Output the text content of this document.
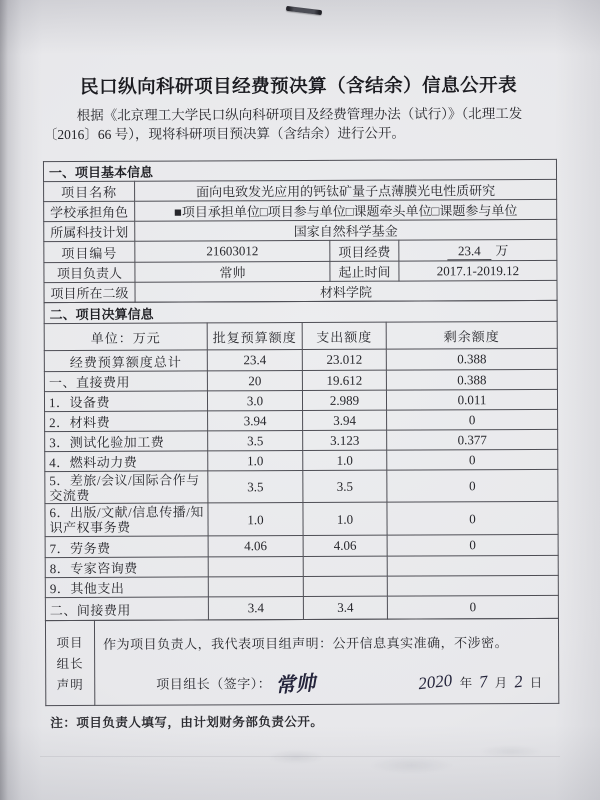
民口纵向科研项目经费预决算（含结余）信息公开表
根据《北京理工大学民口纵向科研项目及经费管理办法（试行）》（北理工发
〔2016〕66 号），现将科研项目预决算（含结余）进行公开。
一、项目基本信息			
项目名称	面向电致发光应用的钙钛矿量子点薄膜光电性质研究		
学校承担角色	■项目承担单位□项目参与单位□课题牵头单位□课题参与单位		
所属科技计划	国家自然科学基金		
项目编号	21603012	项目经费	23.4 万
项目负责人	常帅	起止时间	2017.1-2019.12
项目所在二级	材料学院		
二、项目决算信息			
单位：万元	批复预算额度	支出额度	剩余额度
经费预算额度总计	23.4	23.012	0.388
一、直接费用	20	19.612	0.388
1．设备费	3.0	2.989	0.011
2．材料费	3.94	3.94	0
3．测试化验加工费	3.5	3.123	0.377
4．燃料动力费	1.0	1.0	0
5．差旅/会议/国际合作与交流费	3.5	3.5	0
6．出版/文献/信息传播/知识产权事务费	1.0	1.0	0
7．劳务费	4.06	4.06	0
8．专家咨询费			
9．其他支出			
二、间接费用	3.4	3.4	0
项目
组长
声明

作为项目负责人，我代表项目组声明：公开信息真实准确，不涉密。
项目组长（签字）： 常帅	2020 年 7 月 2 日
注：项目负责人填写，由计划财务部负责公开。
